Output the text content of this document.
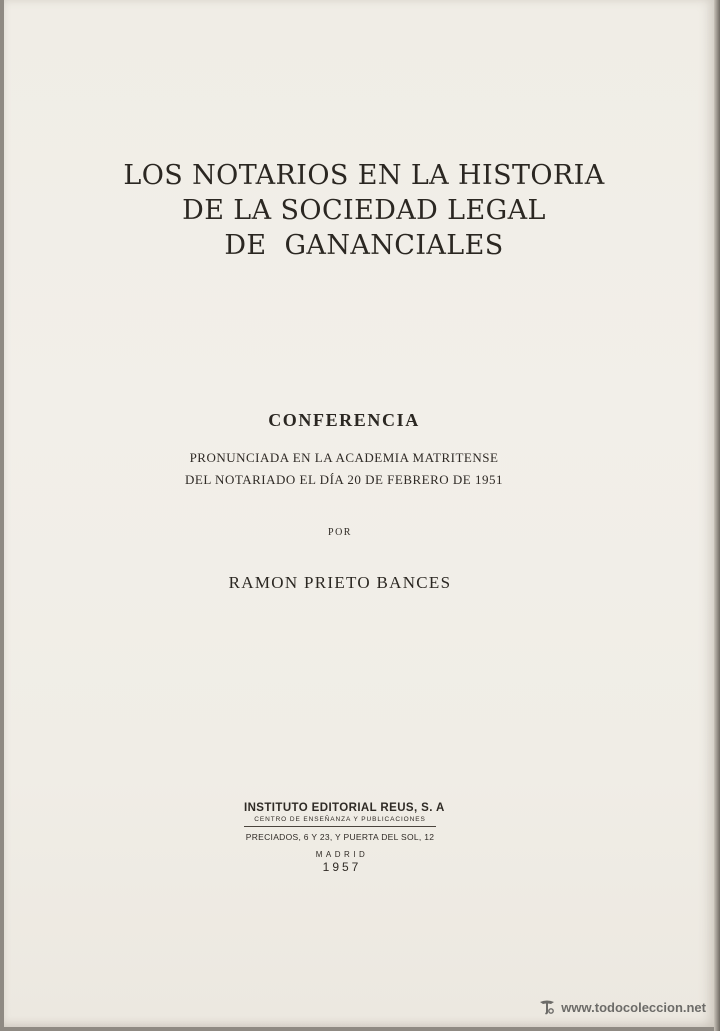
LOS NOTARIOS EN LA HISTORIA
DE LA SOCIEDAD LEGAL
DE  GANANCIALES
CONFERENCIA
PRONUNCIADA EN LA ACADEMIA MATRITENSE
DEL NOTARIADO EL DÍA 20 DE FEBRERO DE 1951
POR
RAMON PRIETO BANCES
INSTITUTO EDITORIAL REUS, S. A
CENTRO DE ENSEÑANZA Y PUBLICACIONES
PRECIADOS, 6 Y 23, Y PUERTA DEL SOL, 12
MADRID
1957
www.todocoleccion.net
